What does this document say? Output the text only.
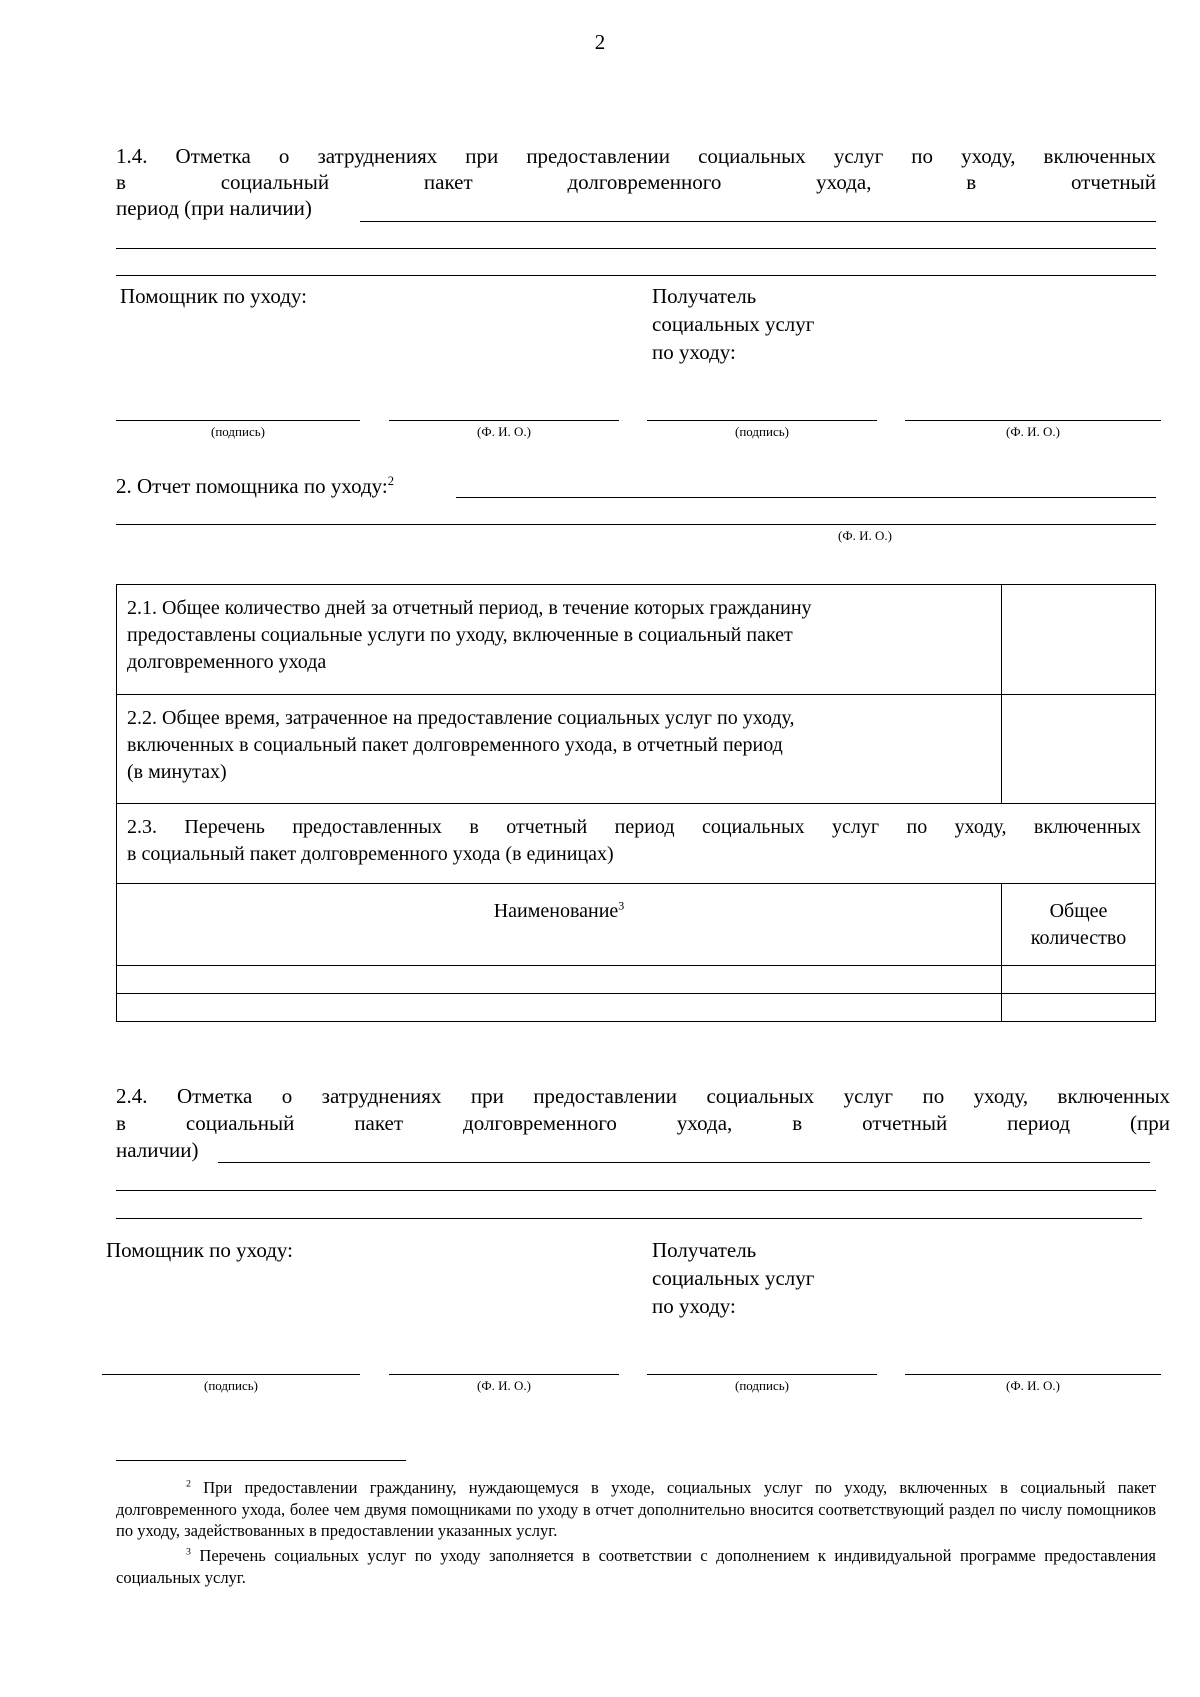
2
1.4. Отметка о затруднениях при предоставлении социальных услуг по уходу, включенных
в социальный пакет долговременного ухода, в отчетный
период (при наличии)
Помощник по уходу:	Получатель
социальных услуг
по уходу:
(подпись)	(Ф. И. О.)	(подпись)	(Ф. И. О.)
2. Отчет помощника по уходу:$^2$
(Ф. И. О.)
2.1. Общее количество дней за отчетный период, в течение которых гражданину
предоставлены социальные услуги по уходу, включенные в социальный пакет
долговременного ухода
2.2. Общее время, затраченное на предоставление социальных услуг по уходу,
включенных в социальный пакет долговременного ухода, в отчетный период
(в минутах)
2.3. Перечень предоставленных в отчетный период социальных услуг по уходу, включенных
в социальный пакет долговременного ухода (в единицах)
Наименование$^3$	Общее
количество
2.4. Отметка о затруднениях при предоставлении социальных услуг по уходу, включенных
в социальный пакет долговременного ухода, в отчетный период (при
наличии)
Помощник по уходу:	Получатель
социальных услуг
по уходу:
(подпись)	(Ф. И. О.)	(подпись)	(Ф. И. О.)
$^2$ При предоставлении гражданину, нуждающемуся в уходе, социальных услуг по уходу, включенных в социальный пакет долговременного ухода, более чем двумя помощниками по уходу в отчет дополнительно вносится соответствующий раздел по числу помощников по уходу, задействованных в предоставлении указанных услуг.
$^3$ Перечень социальных услуг по уходу заполняется в соответствии с дополнением к индивидуальной программе предоставления социальных услуг.
